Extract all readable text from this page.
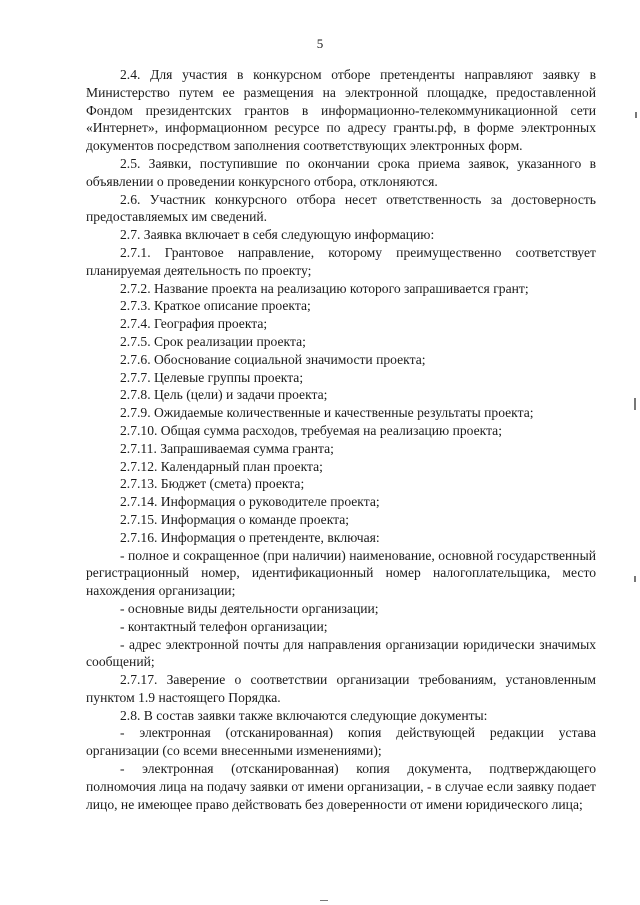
5

2.4. Для участия в конкурсном отборе претенденты направляют заявку в Министерство путем ее размещения на электронной площадке, предоставленной Фондом президентских грантов в информационно-телекоммуникационной сети «Интернет», информационном ресурсе по адресу гранты.рф, в форме электронных документов посредством заполнения соответствующих электронных форм.

2.5. Заявки, поступившие по окончании срока приема заявок, указанного в объявлении о проведении конкурсного отбора, отклоняются.

2.6. Участник конкурсного отбора несет ответственность за достоверность предоставляемых им сведений.

2.7. Заявка включает в себя следующую информацию:

2.7.1. Грантовое направление, которому преимущественно соответствует планируемая деятельность по проекту;

2.7.2. Название проекта на реализацию которого запрашивается грант;

2.7.3. Краткое описание проекта;

2.7.4. География проекта;

2.7.5. Срок реализации проекта;

2.7.6. Обоснование социальной значимости проекта;

2.7.7. Целевые группы проекта;

2.7.8. Цель (цели) и задачи проекта;

2.7.9. Ожидаемые количественные и качественные результаты проекта;

2.7.10. Общая сумма расходов, требуемая на реализацию проекта;

2.7.11. Запрашиваемая сумма гранта;

2.7.12. Календарный план проекта;

2.7.13. Бюджет (смета) проекта;

2.7.14. Информация о руководителе проекта;

2.7.15. Информация о команде проекта;

2.7.16. Информация о претенденте, включая:

- полное и сокращенное (при наличии) наименование, основной государственный регистрационный номер, идентификационный номер налогоплательщика, место нахождения организации;

- основные виды деятельности организации;

- контактный телефон организации;

- адрес электронной почты для направления организации юридически значимых сообщений;

2.7.17. Заверение о соответствии организации требованиям, установленным пунктом 1.9 настоящего Порядка.

2.8. В состав заявки также включаются следующие документы:

- электронная (отсканированная) копия действующей редакции устава организации (со всеми внесенными изменениями);

- электронная (отсканированная) копия документа, подтверждающего полномочия лица на подачу заявки от имени организации, - в случае если заявку подает лицо, не имеющее право действовать без доверенности от имени юридического лица;
